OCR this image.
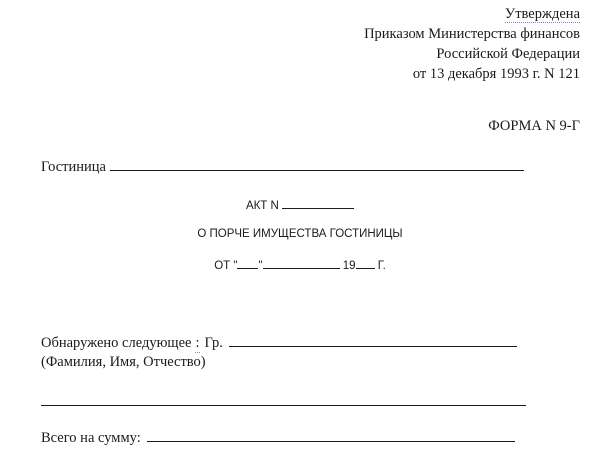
Утверждена
Приказом Министерства финансов
Российской Федерации
от 13 декабря 1993 г. N 121
ФОРМА N 9-Г
Гостиница
АКТ N
О ПОРЧЕ ИМУЩЕСТВА ГОСТИНИЦЫ
ОТ " "	19 Г.
Обнаружено следующее : Гр.
(Фамилия, Имя, Отчество)
Всего на сумму:
